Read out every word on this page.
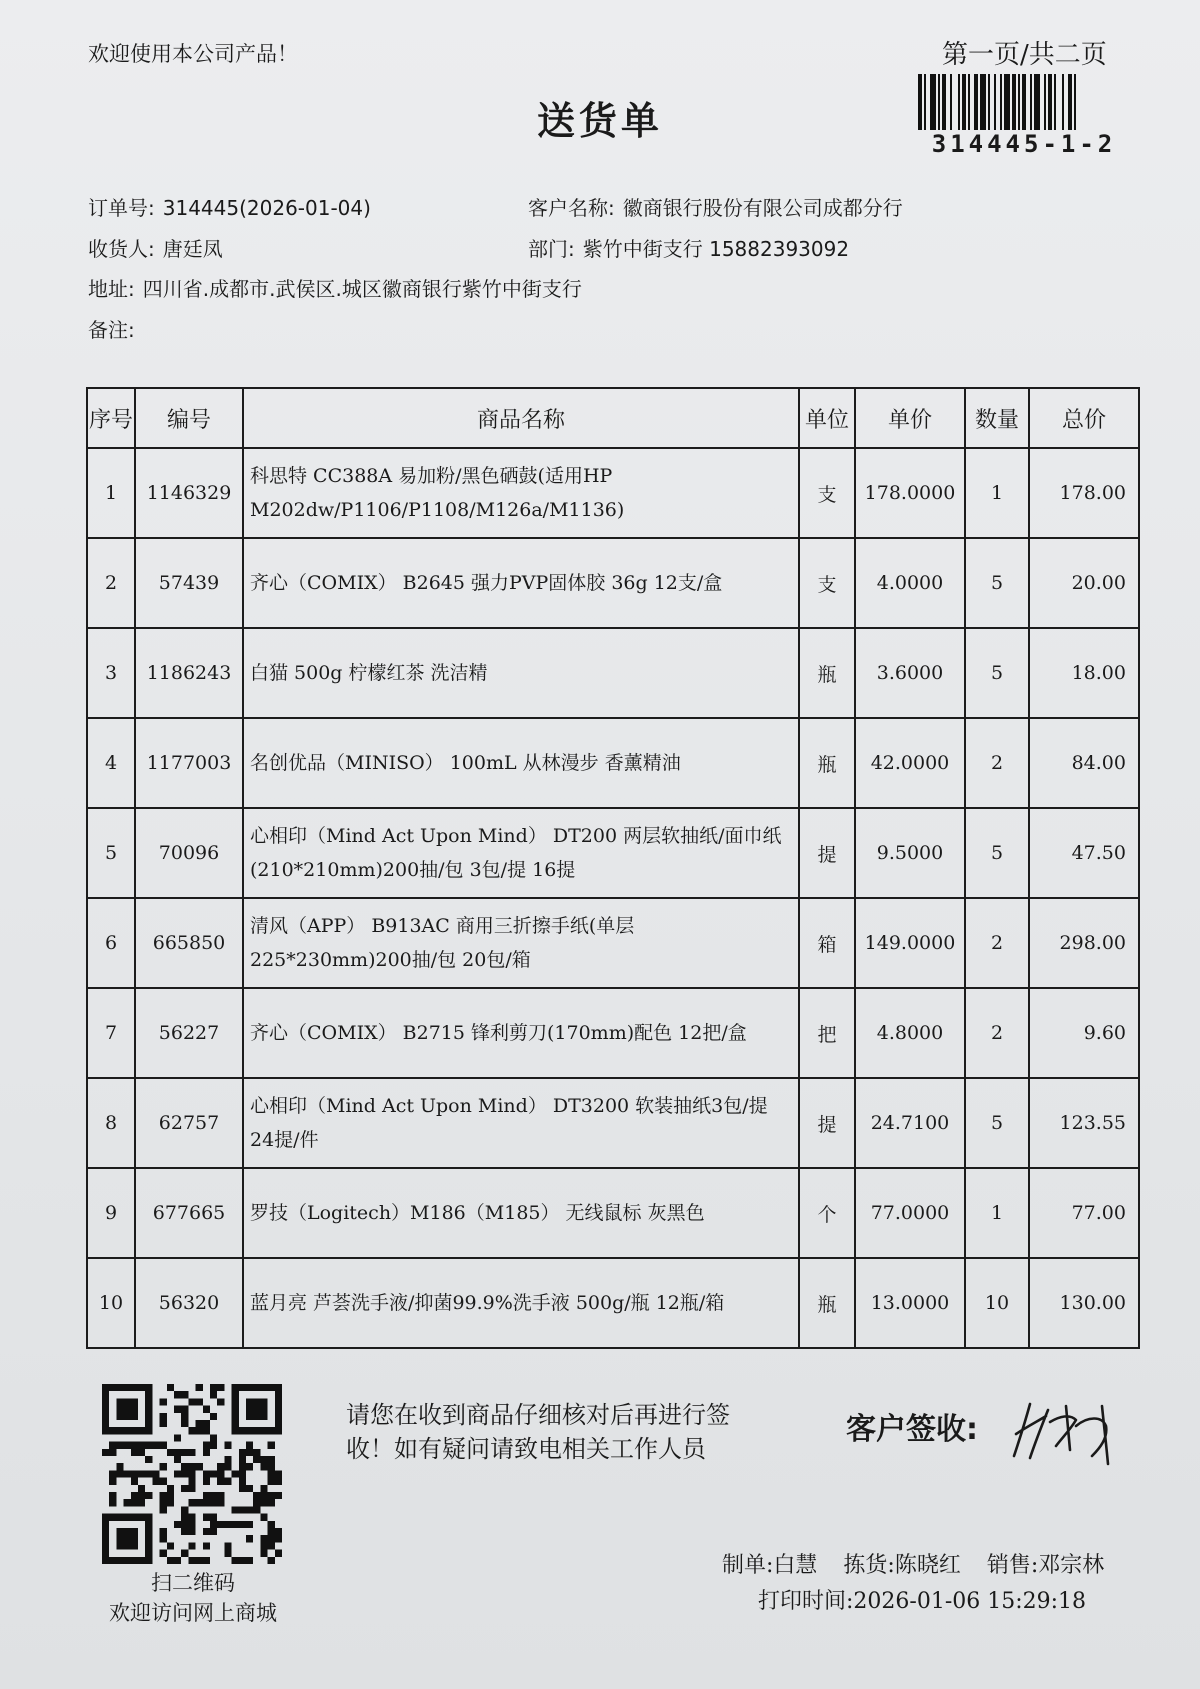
欢迎使用本公司产品！	第一页/共二页
314445-1-2
送货单
订单号: 314445(2026-01-04)	客户名称: 徽商银行股份有限公司成都分行
收货人: 唐廷凤	部门: 紫竹中街支行 15882393092
地址: 四川省.成都市.武侯区.城区徽商银行紫竹中街支行
备注:
序号	编号	商品名称	单位	单价	数量	总价
1	1146329	科思特 CC388A 易加粉/黑色硒鼓(适用HP M202dw/P1106/P1108/M126a/M1136)	支	178.0000	1	178.00
2	57439	齐心（COMIX） B2645 强力PVP固体胶 36g 12支/盒	支	4.0000	5	20.00
3	1186243	白猫 500g 柠檬红茶 洗洁精	瓶	3.6000	5	18.00
4	1177003	名创优品（MINISO） 100mL 从林漫步 香薰精油	瓶	42.0000	2	84.00
5	70096	心相印（Mind Act Upon Mind） DT200 两层软抽纸/面巾纸(210*210mm)200抽/包 3包/提 16提	提	9.5000	5	47.50
6	665850	清风（APP） B913AC 商用三折擦手纸(单层225*230mm)200抽/包 20包/箱	箱	149.0000	2	298.00
7	56227	齐心（COMIX） B2715 锋利剪刀(170mm)配色 12把/盒	把	4.8000	2	9.60
8	62757	心相印（Mind Act Upon Mind） DT3200 软装抽纸3包/提 24提/件	提	24.7100	5	123.55
9	677665	罗技（Logitech）M186（M185） 无线鼠标 灰黑色	个	77.0000	1	77.00
10	56320	蓝月亮 芦荟洗手液/抑菌99.9%洗手液 500g/瓶 12瓶/箱	瓶	13.0000	10	130.00
扫二维码
欢迎访问网上商城
请您在收到商品仔细核对后再进行签收！如有疑问请致电相关工作人员
客户签收:
制单:白慧 拣货:陈晓红 销售:邓宗林
打印时间:2026-01-06 15:29:18
